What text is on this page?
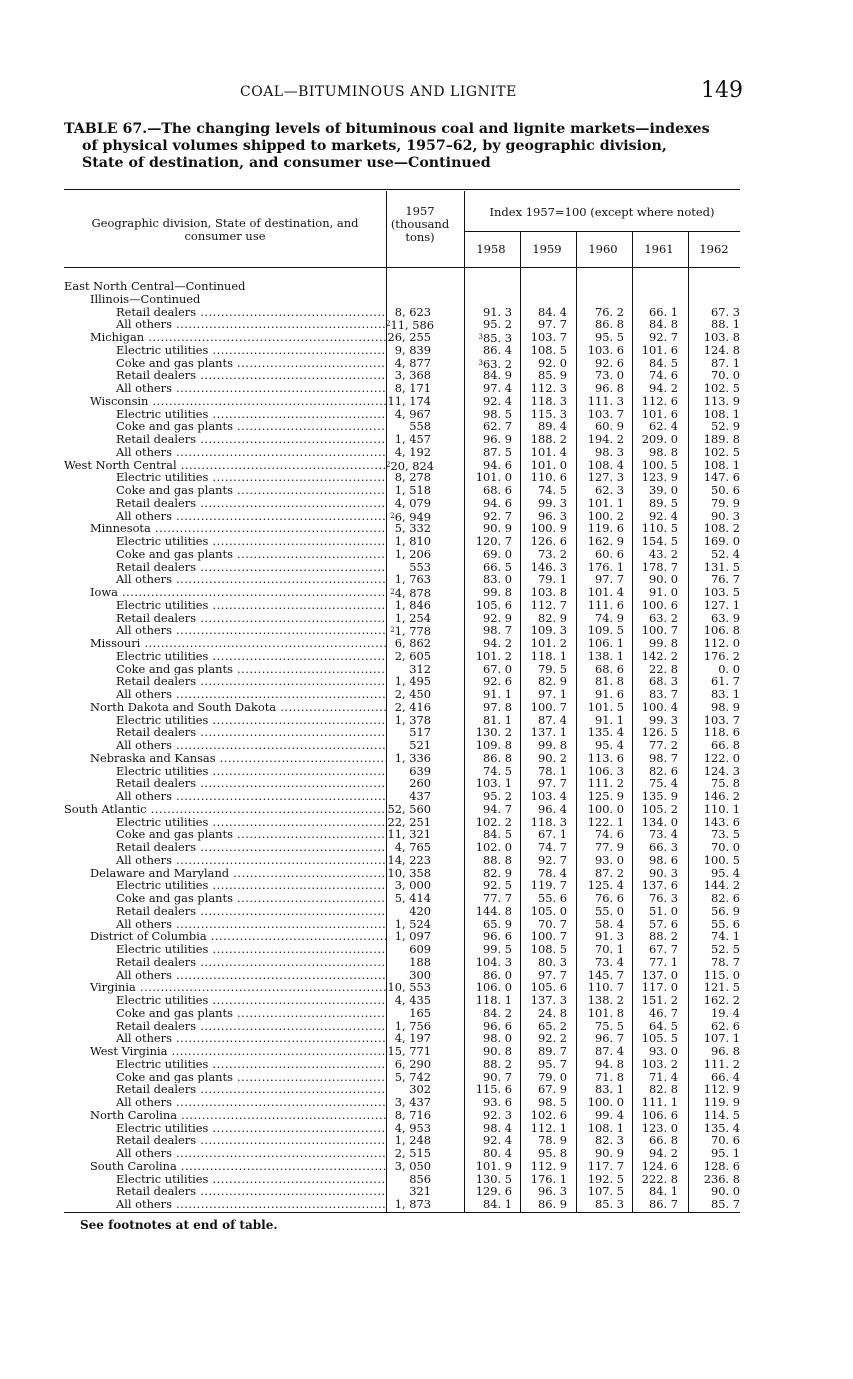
COAL—BITUMINOUS AND LIGNITE	149
TABLE 67.—The changing levels of bituminous coal and lignite markets—indexes
of physical volumes shipped to markets, 1957–62, by geographic division,
State of destination, and consumer use—Continued
Geographic division, State of destination, and consumer use
1957 (thousand tons)
Index 1957=100 (except where noted)
1958	1959	1960	1961	1962
East North Central—Continued
Illinois—Continued
Retail dealers .....	8, 623	91. 3	84. 4	76. 2	66. 1	67. 3
All others .....	$^2$11, 586	95. 2	97. 7	86. 8	84. 8	88. 1
Michigan .....	26, 255	$^3$85. 3	103. 7	95. 5	92. 7	103. 8
Electric utilities .....	9, 839	86. 4	108. 5	103. 6	101. 6	124. 8
Coke and gas plants .....	4, 877	$^3$63. 2	92. 0	92. 6	84. 5	87. 1
Retail dealers .....	3, 368	84. 9	85. 9	73. 0	74. 6	70. 0
All others .....	8, 171	97. 4	112. 3	96. 8	94. 2	102. 5
Wisconsin .....	11, 174	92. 4	118. 3	111. 3	112. 6	113. 9
Electric utilities .....	4, 967	98. 5	115. 3	103. 7	101. 6	108. 1
Coke and gas plants .....	558	62. 7	89. 4	60. 9	62. 4	52. 9
Retail dealers .....	1, 457	96. 9	188. 2	194. 2	209. 0	189. 8
All others .....	4, 192	87. 5	101. 4	98. 3	98. 8	102. 5
West North Central .....	$^2$20, 824	94. 6	101. 0	108. 4	100. 5	108. 1
Electric utilities .....	8, 278	101. 0	110. 6	127. 3	123. 9	147. 6
Coke and gas plants .....	1, 518	68. 6	74. 5	62. 3	39. 0	50. 6
Retail dealers .....	4, 079	94. 6	99. 3	101. 1	89. 5	79. 9
All others .....	$^2$6, 949	92. 7	96. 3	100. 2	92. 4	90. 3
Minnesota .....	5, 332	90. 9	100. 9	119. 6	110. 5	108. 2
Electric utilities .....	1, 810	120. 7	126. 6	162. 9	154. 5	169. 0
Coke and gas plants .....	1, 206	69. 0	73. 2	60. 6	43. 2	52. 4
Retail dealers .....	553	66. 5	146. 3	176. 1	178. 7	131. 5
All others .....	1, 763	83. 0	79. 1	97. 7	90. 0	76. 7
Iowa .....	$^2$4, 878	99. 8	103. 8	101. 4	91. 0	103. 5
Electric utilities .....	1, 846	105. 6	112. 7	111. 6	100. 6	127. 1
Retail dealers .....	1, 254	92. 9	82. 9	74. 9	63. 2	63. 9
All others .....	$^2$1, 778	98. 7	109. 3	109. 5	100. 7	106. 8
Missouri .....	6, 862	94. 2	101. 2	106. 1	99. 8	112. 0
Electric utilities .....	2, 605	101. 2	118. 1	138. 1	142. 2	176. 2
Coke and gas plants .....	312	67. 0	79. 5	68. 6	22. 8	0. 0
Retail dealers .....	1, 495	92. 6	82. 9	81. 8	68. 3	61. 7
All others .....	2, 450	91. 1	97. 1	91. 6	83. 7	83. 1
North Dakota and South Dakota .....	2, 416	97. 8	100. 7	101. 5	100. 4	98. 9
Electric utilities .....	1, 378	81. 1	87. 4	91. 1	99. 3	103. 7
Retail dealers .....	517	130. 2	137. 1	135. 4	126. 5	118. 6
All others .....	521	109. 8	99. 8	95. 4	77. 2	66. 8
Nebraska and Kansas .....	1, 336	86. 8	90. 2	113. 6	98. 7	122. 0
Electric utilities .....	639	74. 5	78. 1	106. 3	82. 6	124. 3
Retail dealers .....	260	103. 1	97. 7	111. 2	75. 4	75. 8
All others .....	437	95. 2	103. 4	125. 9	135. 9	146. 2
South Atlantic .....	52, 560	94. 7	96. 4	100. 0	105. 2	110. 1
Electric utilities .....	22, 251	102. 2	118. 3	122. 1	134. 0	143. 6
Coke and gas plants .....	11, 321	84. 5	67. 1	74. 6	73. 4	73. 5
Retail dealers .....	4, 765	102. 0	74. 7	77. 9	66. 3	70. 0
All others .....	14, 223	88. 8	92. 7	93. 0	98. 6	100. 5
Delaware and Maryland .....	10, 358	82. 9	78. 4	87. 2	90. 3	95. 4
Electric utilities .....	3, 000	92. 5	119. 7	125. 4	137. 6	144. 2
Coke and gas plants .....	5, 414	77. 7	55. 6	76. 6	76. 3	82. 6
Retail dealers .....	420	144. 8	105. 0	55. 0	51. 0	56. 9
All others .....	1, 524	65. 9	70. 7	58. 4	57. 6	55. 6
District of Columbia .....	1, 097	96. 6	100. 7	91. 3	88. 2	74. 1
Electric utilities .....	609	99. 5	108. 5	70. 1	67. 7	52. 5
Retail dealers .....	188	104. 3	80. 3	73. 4	77. 1	78. 7
All others .....	300	86. 0	97. 7	145. 7	137. 0	115. 0
Virginia .....	10, 553	106. 0	105. 6	110. 7	117. 0	121. 5
Electric utilities .....	4, 435	118. 1	137. 3	138. 2	151. 2	162. 2
Coke and gas plants .....	165	84. 2	24. 8	101. 8	46. 7	19. 4
Retail dealers .....	1, 756	96. 6	65. 2	75. 5	64. 5	62. 6
All others .....	4, 197	98. 0	92. 2	96. 7	105. 5	107. 1
West Virginia .....	15, 771	90. 8	89. 7	87. 4	93. 0	96. 8
Electric utilities .....	6, 290	88. 2	95. 7	94. 8	103. 2	111. 2
Coke and gas plants .....	5, 742	90. 7	79. 0	71. 8	71. 4	66. 4
Retail dealers .....	302	115. 6	67. 9	83. 1	82. 8	112. 9
All others .....	3, 437	93. 6	98. 5	100. 0	111. 1	119. 9
North Carolina .....	8, 716	92. 3	102. 6	99. 4	106. 6	114. 5
Electric utilities .....	4, 953	98. 4	112. 1	108. 1	123. 0	135. 4
Retail dealers .....	1, 248	92. 4	78. 9	82. 3	66. 8	70. 6
All others .....	2, 515	80. 4	95. 8	90. 9	94. 2	95. 1
South Carolina .....	3, 050	101. 9	112. 9	117. 7	124. 6	128. 6
Electric utilities .....	856	130. 5	176. 1	192. 5	222. 8	236. 8
Retail dealers .....	321	129. 6	96. 3	107. 5	84. 1	90. 0
All others .....	1, 873	84. 1	86. 9	85. 3	86. 7	85. 7
See footnotes at end of table.
